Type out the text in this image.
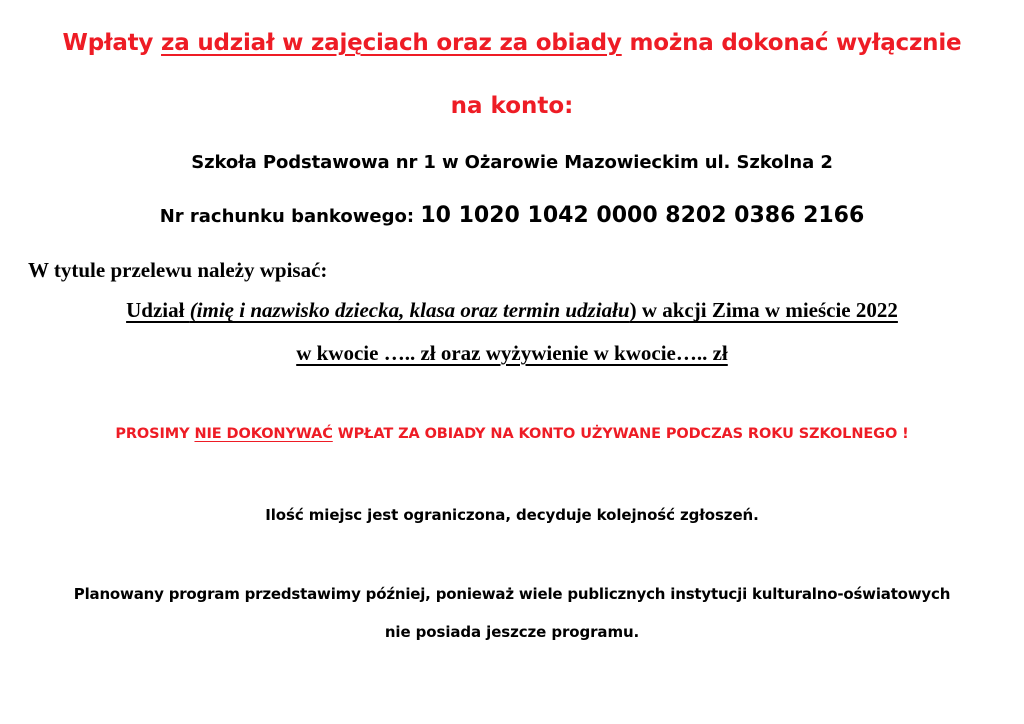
Wpłaty za udział w zajęciach oraz za obiady można dokonać wyłącznie
na konto:
Szkoła Podstawowa nr 1 w Ożarowie Mazowieckim ul. Szkolna 2
Nr rachunku bankowego: 10 1020 1042 0000 8202 0386 2166
W tytule przelewu należy wpisać:
Udział (imię i nazwisko dziecka, klasa oraz termin udziału) w akcji Zima w mieście 2022
w kwocie ….. zł oraz wyżywienie w kwocie….. zł
PROSIMY NIE DOKONYWAĆ WPŁAT ZA OBIADY NA KONTO UŻYWANE PODCZAS ROKU SZKOLNEGO !
Ilość miejsc jest ograniczona, decyduje kolejność zgłoszeń.
Planowany program przedstawimy później, ponieważ wiele publicznych instytucji kulturalno-oświatowych
nie posiada jeszcze programu.
